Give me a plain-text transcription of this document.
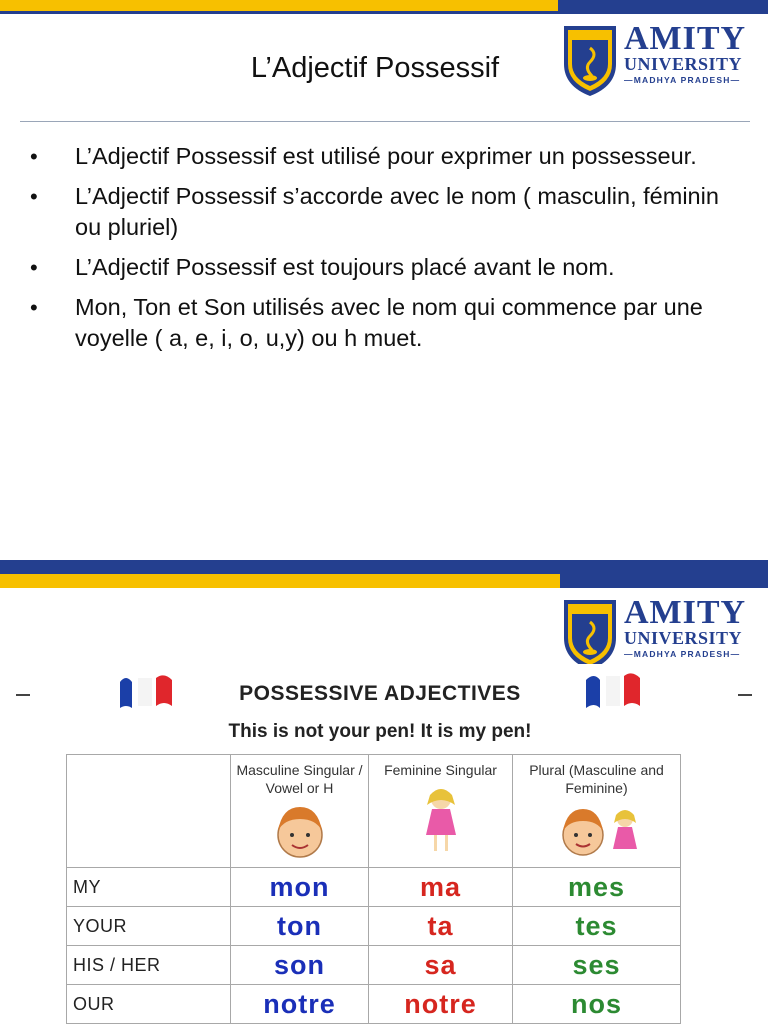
AMITY
UNIVERSITY
—MADHYA PRADESH—
L’Adjectif Possessif
• L’Adjectif Possessif est utilisé pour exprimer un possesseur.
• L’Adjectif Possessif s’accorde avec le nom ( masculin, féminin ou pluriel)
• L’Adjectif Possessif est toujours placé avant le nom.
• Mon, Ton et Son utilisés avec le nom qui commence par une voyelle ( a, e, i, o, u,y) ou h muet.
AMITY
UNIVERSITY
—MADHYA PRADESH—
POSSESSIVE ADJECTIVES
This is not your pen! It is my pen!

	Masculine Singular / Vowel or H	Feminine Singular	Plural (Masculine and Feminine)

MY	mon	ma	mes
YOUR	ton	ta	tes
HIS / HER	son	sa	ses
OUR	notre	notre	nos
